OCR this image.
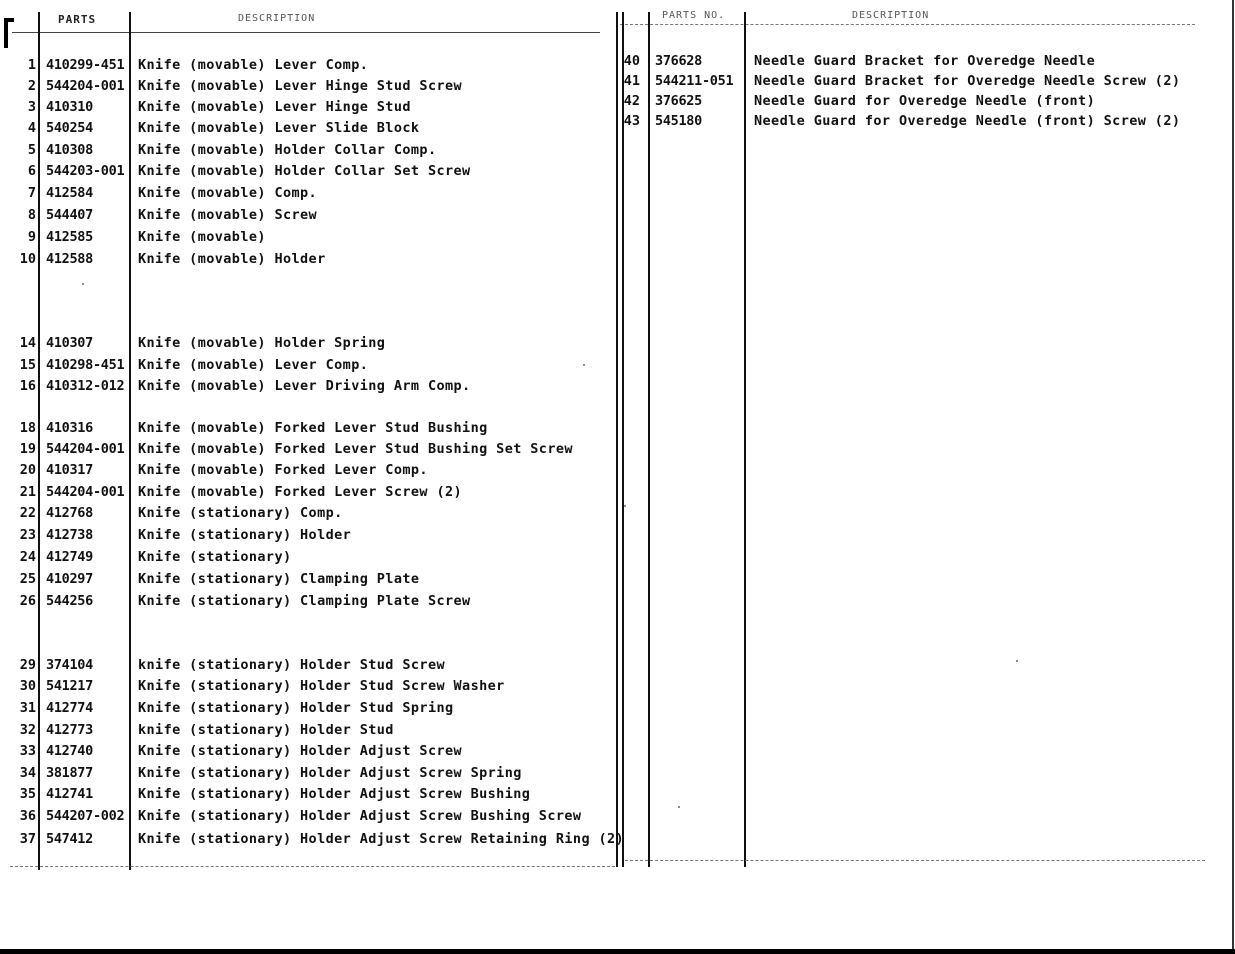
PARTS	DESCRIPTION	PARTS NO.	DESCRIPTION
1 410299-451 Knife (movable) Lever Comp.
2 544204-001 Knife (movable) Lever Hinge Stud Screw
3 410310	Knife (movable) Lever Hinge Stud
4 540254	Knife (movable) Lever Slide Block
5 410308	Knife (movable) Holder Collar Comp.
6 544203-001 Knife (movable) Holder Collar Set Screw
7 412584	Knife (movable) Comp.
8 544407	Knife (movable) Screw
9 412585	Knife (movable)
10 412588	Knife (movable) Holder
14 410307	Knife (movable) Holder Spring
15 410298-451 Knife (movable) Lever Comp.
16 410312-012 Knife (movable) Lever Driving Arm Comp.
18 410316	Knife (movable) Forked Lever Stud Bushing
19 544204-001 Knife (movable) Forked Lever Stud Bushing Set Screw
20 410317	Knife (movable) Forked Lever Comp.
21 544204-001 Knife (movable) Forked Lever Screw (2)
22 412768	Knife (stationary) Comp.
23 412738	Knife (stationary) Holder
24 412749	Knife (stationary)
25 410297	Knife (stationary) Clamping Plate
26 544256	Knife (stationary) Clamping Plate Screw
29 374104	knife (stationary) Holder Stud Screw
30 541217	Knife (stationary) Holder Stud Screw Washer
31 412774	Knife (stationary) Holder Stud Spring
32 412773	knife (stationary) Holder Stud
33 412740	Knife (stationary) Holder Adjust Screw
34 381877	Knife (stationary) Holder Adjust Screw Spring
35 412741	Knife (stationary) Holder Adjust Screw Bushing
36 544207-002 Knife (stationary) Holder Adjust Screw Bushing Screw
37 547412	Knife (stationary) Holder Adjust Screw Retaining Ring (2)
40 376628	Needle Guard Bracket for Overedge Needle
41 544211-051 Needle Guard Bracket for Overedge Needle Screw (2)
42 376625	Needle Guard for Overedge Needle (front)
43 545180	Needle Guard for Overedge Needle (front) Screw (2)
